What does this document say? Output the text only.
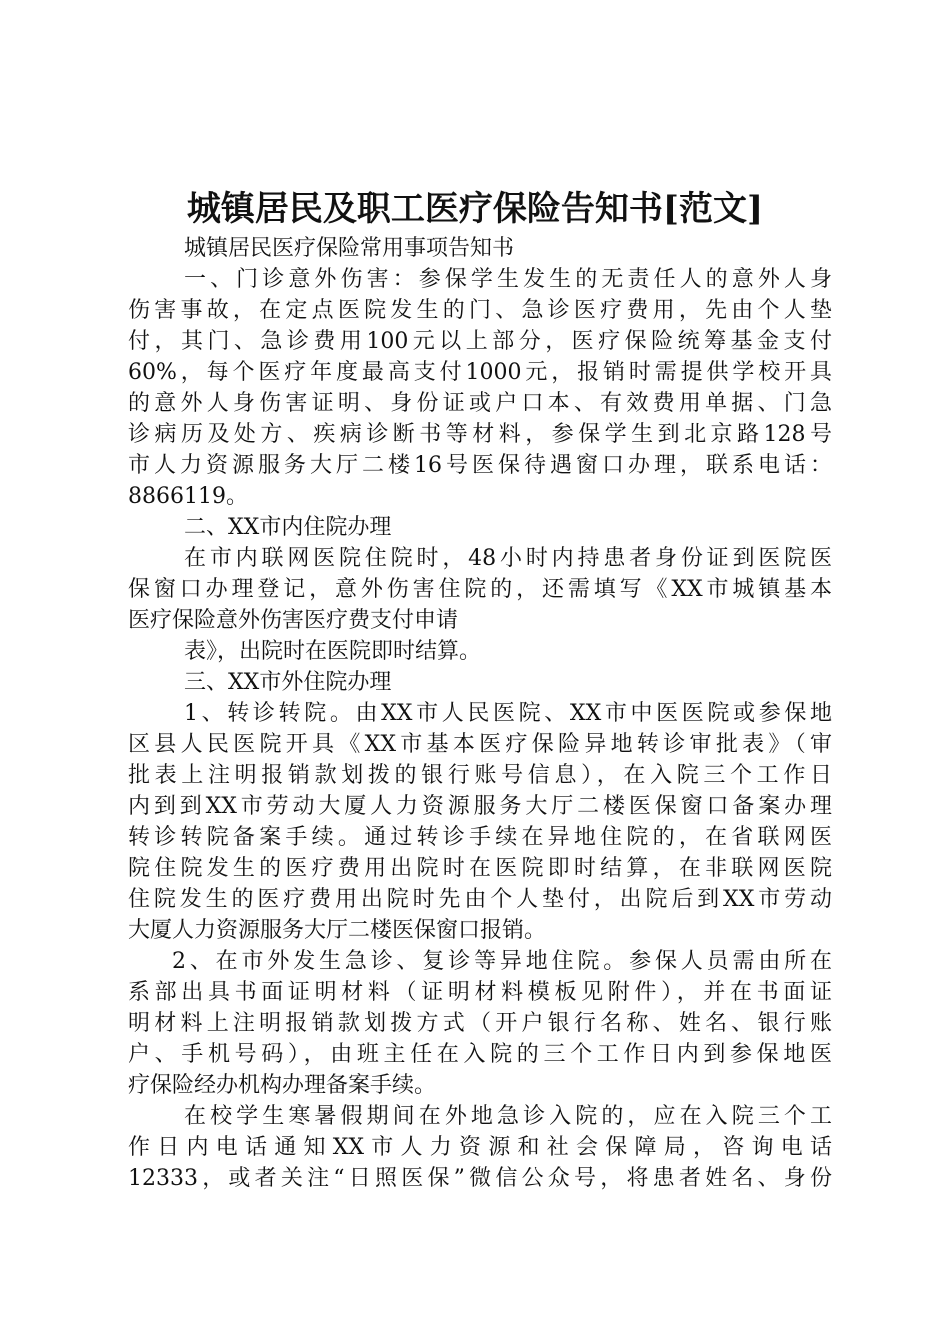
城镇居民及职工医疗保险告知书[范文]
城镇居民医疗保险常用事项告知书
一、门诊意外伤害：参保学生发生的无责任人的意外人身
伤害事故，在定点医院发生的门、急诊医疗费用，先由个人垫
付，其门、急诊费用100元以上部分，医疗保险统筹基金支付
60%，每个医疗年度最高支付1000元，报销时需提供学校开具
的意外人身伤害证明、身份证或户口本、有效费用单据、门急
诊病历及处方、疾病诊断书等材料，参保学生到北京路128号
市人力资源服务大厅二楼16号医保待遇窗口办理，联系电话：
8866119。
二、XX市内住院办理
在市内联网医院住院时，48小时内持患者身份证到医院医
保窗口办理登记，意外伤害住院的，还需填写《XX市城镇基本
医疗保险意外伤害医疗费支付申请
表》，出院时在医院即时结算。
三、XX市外住院办理
1、转诊转院。由XX市人民医院、XX市中医医院或参保地
区县人民医院开具《XX市基本医疗保险异地转诊审批表》（审
批表上注明报销款划拨的银行账号信息），在入院三个工作日
内到到XX市劳动大厦人力资源服务大厅二楼医保窗口备案办理
转诊转院备案手续。通过转诊手续在异地住院的，在省联网医
院住院发生的医疗费用出院时在医院即时结算，在非联网医院
住院发生的医疗费用出院时先由个人垫付，出院后到XX市劳动
大厦人力资源服务大厅二楼医保窗口报销。
2、在市外发生急诊、复诊等异地住院。参保人员需由所在
系部出具书面证明材料（证明材料模板见附件），并在书面证
明材料上注明报销款划拨方式（开户银行名称、姓名、银行账
户、手机号码），由班主任在入院的三个工作日内到参保地医
疗保险经办机构办理备案手续。
在校学生寒暑假期间在外地急诊入院的，应在入院三个工
作日内电话通知XX市人力资源和社会保障局，咨询电话
12333，或者关注“日照医保”微信公众号，将患者姓名、身份
